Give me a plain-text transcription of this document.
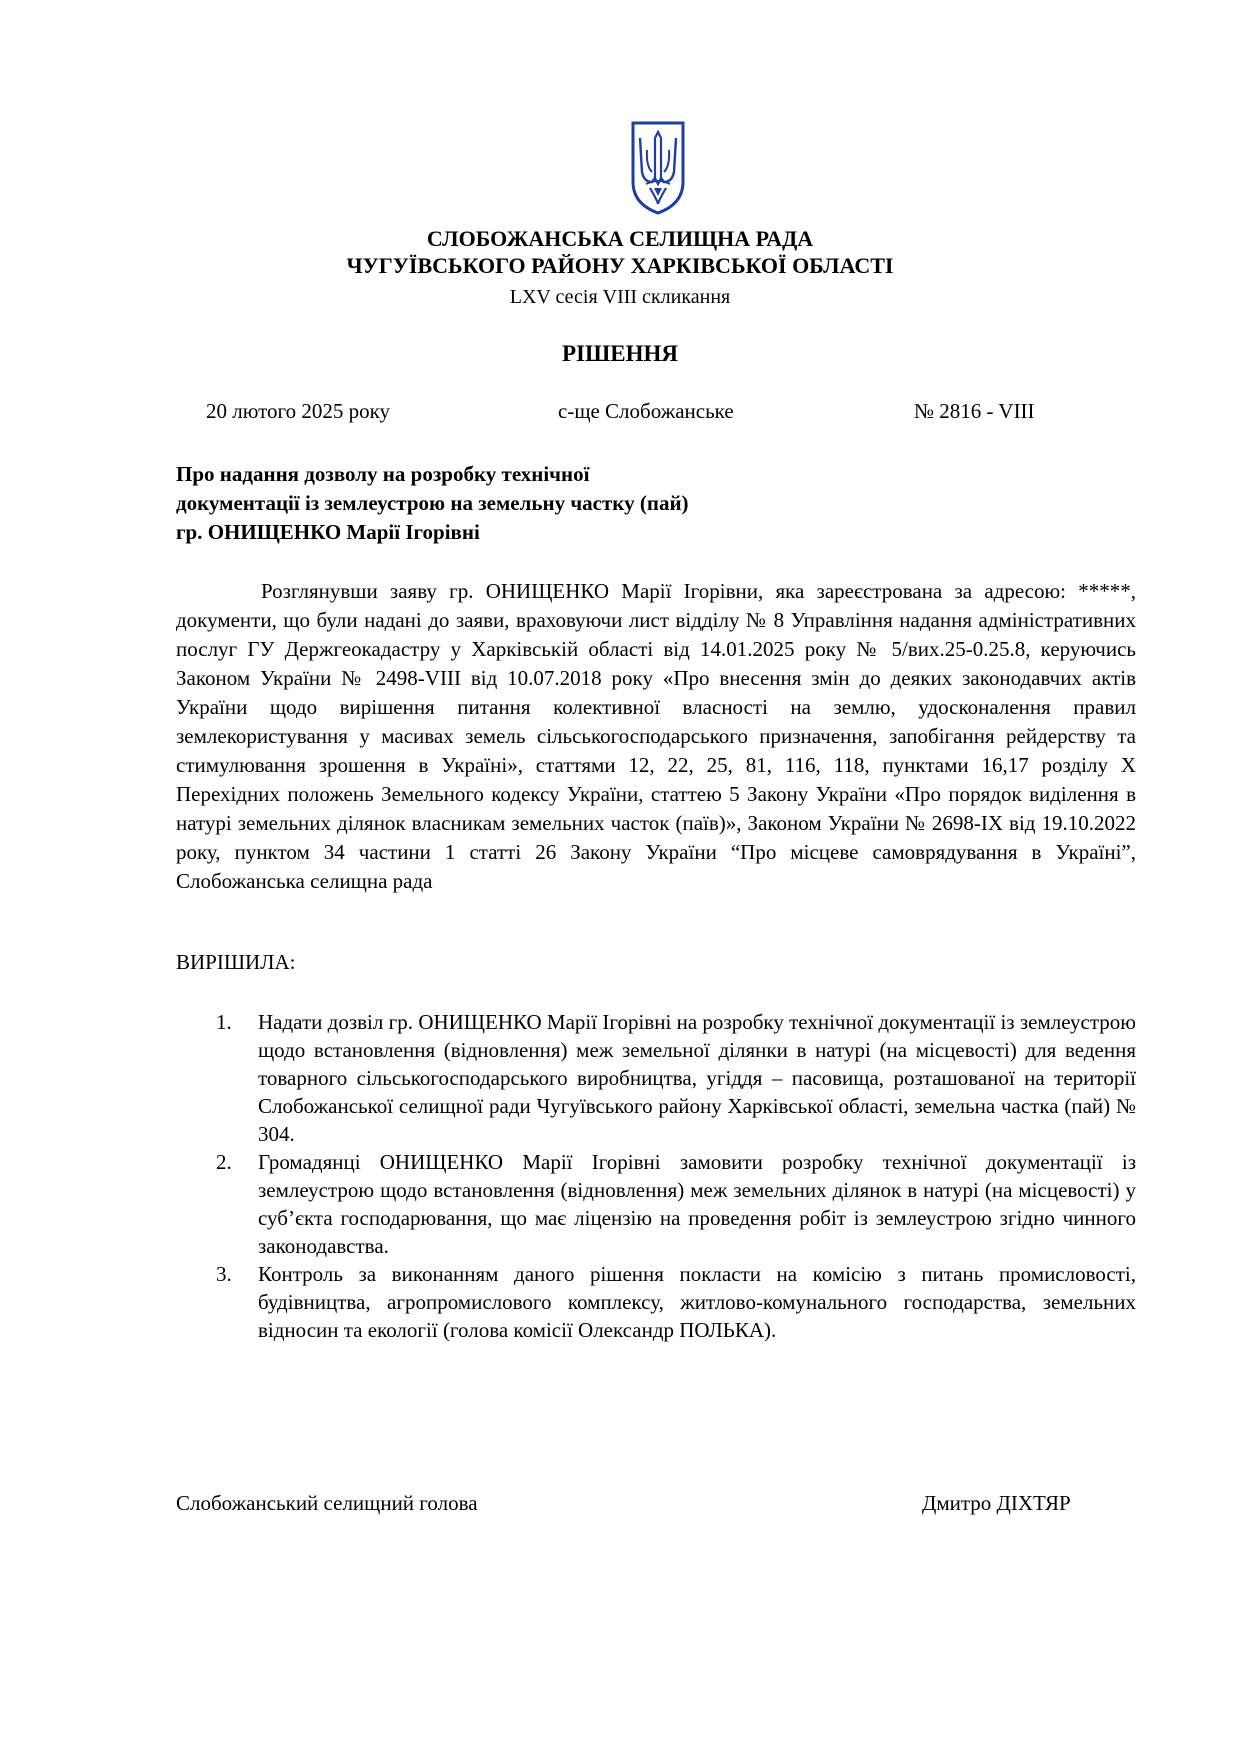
СЛОБОЖАНСЬКА СЕЛИЩНА РАДА
ЧУГУЇВСЬКОГО РАЙОНУ ХАРКІВСЬКОЇ ОБЛАСТІ
LXV сесія VIII скликання
РІШЕННЯ
20 лютого 2025 року	с-ще Слобожанське	№ 2816 - VIII
Про надання дозволу на розробку технічної
документації із землеустрою на земельну частку (пай)
гр. ОНИЩЕНКО Марії Ігорівні

Розглянувши заяву гр. ОНИЩЕНКО Марії Ігорівни, яка зареєстрована за адресою: *****, документи, що були надані до заяви, враховуючи лист відділу № 8 Управління надання адміністративних послуг ГУ Держгеокадастру у Харківській області від 14.01.2025 року № 5/вих.25-0.25.8, керуючись Законом України № 2498-VIII від 10.07.2018 року «Про внесення змін до деяких законодавчих актів України щодо вирішення питання колективної власності на землю, удосконалення правил землекористування у масивах земель сільськогосподарського призначення, запобігання рейдерству та стимулювання зрошення в Україні», статтями 12, 22, 25, 81, 116, 118, пунктами 16,17 розділу Х Перехідних положень Земельного кодексу України, статтею 5 Закону України «Про порядок виділення в натурі земельних ділянок власникам земельних часток (паїв)», Законом України № 2698-ІХ від 19.10.2022 року, пунктом 34 частини 1 статті 26 Закону України “Про місцеве самоврядування в Україні”, Слобожанська селищна рада

ВИРІШИЛА:
1. Надати дозвіл гр. ОНИЩЕНКО Марії Ігорівні на розробку технічної документації із землеустрою щодо встановлення (відновлення) меж земельної ділянки в натурі (на місцевості) для ведення товарного сільськогосподарського виробництва, угіддя – пасовища, розташованої на території Слобожанської селищної ради Чугуївського району Харківської області, земельна частка (пай) № 304.
2. Громадянці ОНИЩЕНКО Марії Ігорівні замовити розробку технічної документації із землеустрою щодо встановлення (відновлення) меж земельних ділянок в натурі (на місцевості) у суб’єкта господарювання, що має ліцензію на проведення робіт із землеустрою згідно чинного законодавства.
3. Контроль за виконанням даного рішення покласти на комісію з питань промисловості, будівництва, агропромислового комплексу, житлово-комунального господарства, земельних відносин та екології (голова комісії Олександр ПОЛЬКА).
Слобожанський селищний голова	Дмитро ДІХТЯР
